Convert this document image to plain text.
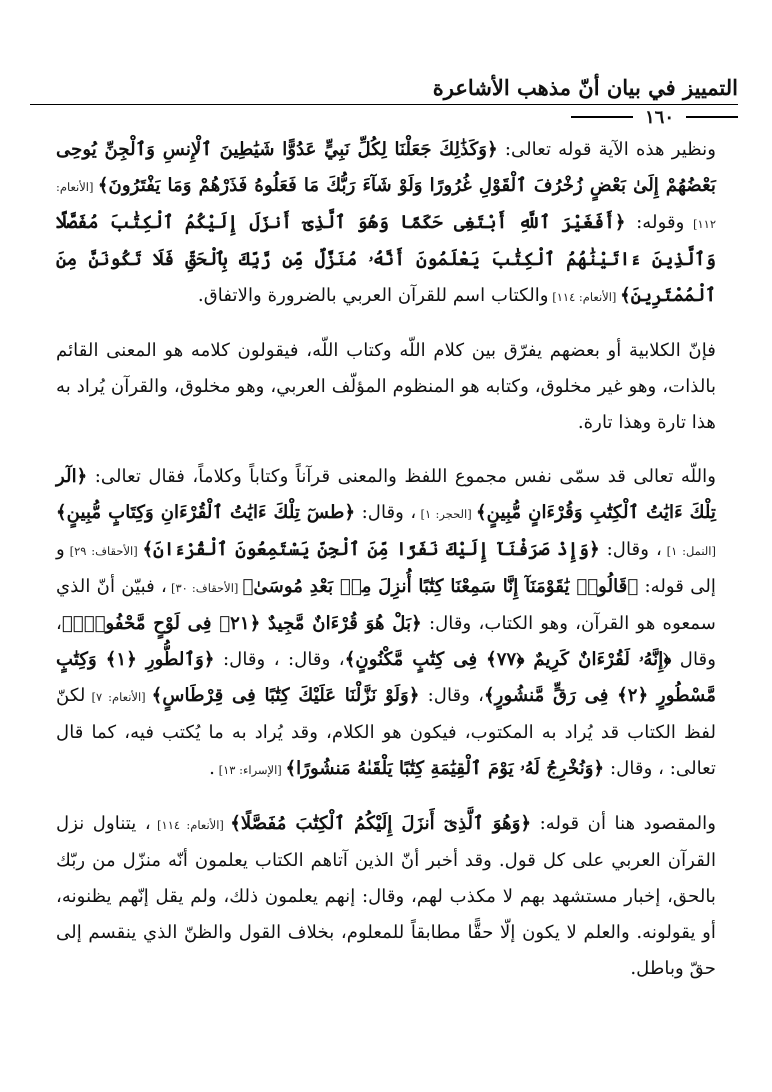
التمييز في بيان أنّ مذهب الأشاعرة
١٦٠

ونظير هذه الآية قوله تعالى: ﴿وَكَذَٰلِكَ جَعَلْنَا لِكُلِّ نَبِيٍّ عَدُوًّا شَيَٰطِينَ ٱلْإِنسِ وَٱلْجِنِّ يُوحِى بَعْضُهُمْ إِلَىٰ بَعْضٍ زُخْرُفَ ٱلْقَوْلِ غُرُورًا وَلَوْ شَآءَ رَبُّكَ مَا فَعَلُوهُ فَذَرْهُمْ وَمَا يَفْتَرُونَ﴾ [الأنعام: ١١٢] وقوله: ﴿أَفَغَيْرَ ٱللَّهِ أَبْتَغِى حَكَمًا وَهُوَ ٱلَّذِىٓ أَنزَلَ إِلَيْكُمُ ٱلْكِتَٰبَ مُفَصَّلًا وَٱلَّذِينَ ءَاتَيْنَٰهُمُ ٱلْكِتَٰبَ يَعْلَمُونَ أَنَّهُۥ مُنَزَّلٌ مِّن رَّبِّكَ بِٱلْحَقِّ فَلَا تَكُونَنَّ مِنَ ٱلْمُمْتَرِينَ﴾ [الأنعام: ١١٤] والكتاب اسم للقرآن العربي بالضرورة والاتفاق.

فإنّ الكلابية أو بعضهم يفرّق بين كلام اللّه وكتاب اللّه، فيقولون كلامه هو المعنى القائم بالذات، وهو غير مخلوق، وكتابه هو المنظوم المؤلّف العربي، وهو مخلوق، والقرآن يُراد به هذا تارة وهذا تارة.

واللّه تعالى قد سمّى نفس مجموع اللفظ والمعنى قرآناً وكتاباً وكلاماً، فقال تعالى: ﴿الٓر تِلْكَ ءَايَٰتُ ٱلْكِتَٰبِ وَقُرْءَانٍ مُّبِينٍ﴾ [الحجر: ١] ، وقال: ﴿طسٓ تِلْكَ ءَايَٰتُ ٱلْقُرْءَانِ وَكِتَابٍ مُّبِينٍ﴾ [النمل: ١] ، وقال: ﴿وَإِذْ صَرَفْنَآ إِلَيْكَ نَفَرًا مِّنَ ٱلْجِنِّ يَسْتَمِعُونَ ٱلْقُرْءَانَ﴾ [الأحقاف: ٢٩] و إلى قوله: ﴿قَالُوا۟ يَٰقَوْمَنَآ إِنَّا سَمِعْنَا كِتَٰبًا أُنزِلَ مِنۢ بَعْدِ مُوسَىٰ﴾ [الأحقاف: ٣٠] ، فبيّن أنّ الذي سمعوه هو القرآن، وهو الكتاب، وقال: ﴿بَلْ هُوَ قُرْءَانٌ مَّجِيدٌ ﴿٢١﴾ فِى لَوْحٍ مَّحْفُوظٍۭ﴾، وقال ﴿إِنَّهُۥ لَقُرْءَانٌ كَرِيمٌ ﴿٧٧﴾ فِى كِتَٰبٍ مَّكْنُونٍ﴾، وقال: ، وقال: ﴿وَٱلطُّورِ ﴿١﴾ وَكِتَٰبٍ مَّسْطُورٍ ﴿٢﴾ فِى رَقٍّ مَّنشُورٍ﴾، وقال: ﴿وَلَوْ نَزَّلْنَا عَلَيْكَ كِتَٰبًا فِى قِرْطَاسٍ﴾ [الأنعام: ٧] لكنّ لفظ الكتاب قد يُراد به المكتوب، فيكون هو الكلام، وقد يُراد به ما يُكتب فيه، كما قال تعالى: ، وقال: ﴿وَنُخْرِجُ لَهُۥ يَوْمَ ٱلْقِيَٰمَةِ كِتَٰبًا يَلْقَىٰهُ مَنشُورًا﴾ [الإسراء: ١٣] .

والمقصود هنا أن قوله: ﴿وَهُوَ ٱلَّذِىٓ أَنزَلَ إِلَيْكُمُ ٱلْكِتَٰبَ مُفَصَّلًا﴾ [الأنعام: ١١٤] ، يتناول نزل القرآن العربي على كل قول. وقد أخبر أنّ الذين آتاهم الكتاب يعلمون أنّه منزّل من ربّك بالحق، إخبار مستشهد بهم لا مكذب لهم، وقال: إنهم يعلمون ذلك، ولم يقل إنّهم يظنونه، أو يقولونه. والعلم لا يكون إلّا حقًّا مطابقاً للمعلوم، بخلاف القول والظنّ الذي ينقسم إلى حقّ وباطل.
